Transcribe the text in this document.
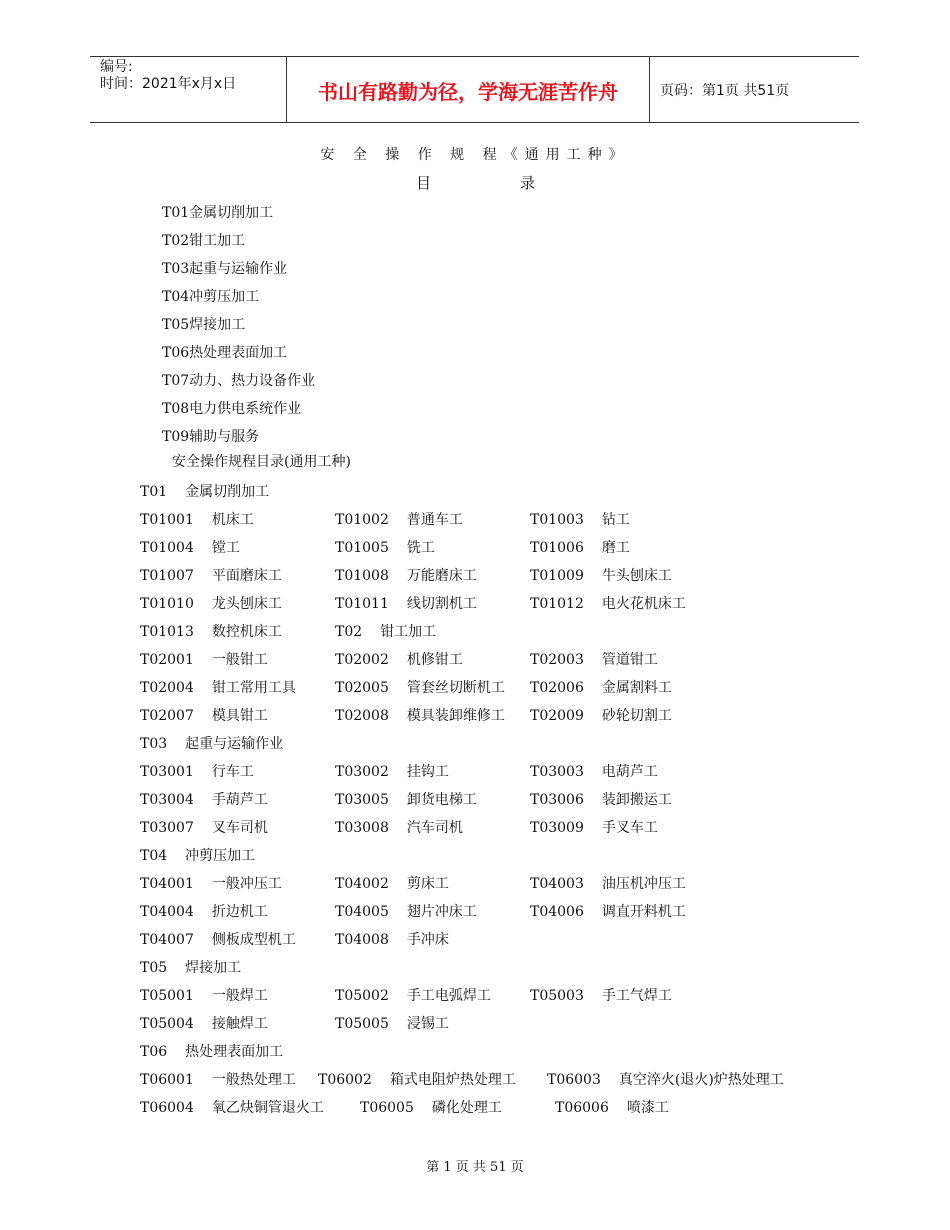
编号:
时间：2021年x月x日	书山有路勤为径，学海无涯苦作舟	页码：第1页 共51页
安 全 操 作 规 程《通用工种》
目	录
T01金属切削加工
T02钳工加工
T03起重与运输作业
T04冲剪压加工
T05焊接加工
T06热处理表面加工
T07动力、热力设备作业
T08电力供电系统作业
T09辅助与服务
安全操作规程目录(通用工种)
T01 金属切削加工
T01001 机床工	T01002 普通车工	T01003 钻工
T01004 镗工	T01005 铣工	T01006 磨工
T01007 平面磨床工	T01008 万能磨床工	T01009 牛头刨床工
T01010 龙头刨床工	T01011 线切割机工	T01012 电火花机床工
T01013 数控机床工	T02 钳工加工
T02001 一般钳工	T02002 机修钳工	T02003 管道钳工
T02004 钳工常用工具	T02005 管套丝切断机工 T02006 金属割料工
T02007 模具钳工	T02008 模具装卸维修工 T02009 砂轮切割工
T03 起重与运输作业
T03001 行车工	T03002 挂钩工	T03003 电葫芦工
T03004 手葫芦工	T03005 卸货电梯工	T03006 装卸搬运工
T03007 叉车司机	T03008 汽车司机	T03009 手叉车工
T04 冲剪压加工
T04001 一般冲压工	T04002 剪床工	T04003 油压机冲压工
T04004 折边机工	T04005 翅片冲床工	T04006 调直开料机工
T04007 侧板成型机工	T04008 手冲床
T05 焊接加工
T05001 一般焊工	T05002 手工电弧焊工	T05003 手工气焊工
T05004 接触焊工	T05005 浸锡工
T06 热处理表面加工
T06001 一般热处理工 T06002 箱式电阻炉热处理工 T06003 真空淬火(退火)炉热处理工
T06004 氧乙炔铜管退火工	T06005 磷化处理工	T06006 喷漆工
第 1 页 共 51 页
